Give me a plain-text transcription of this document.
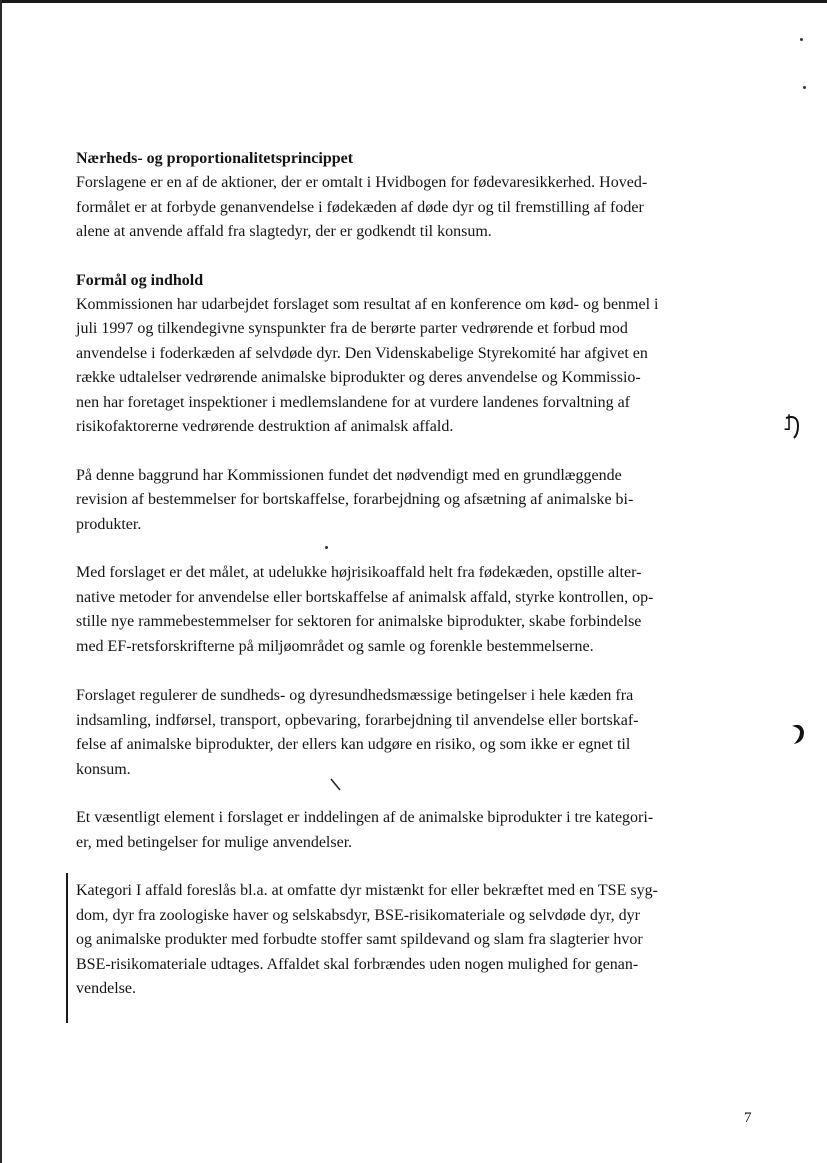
Nærheds- og proportionalitetsprincippet
Forslagene er en af de aktioner, der er omtalt i Hvidbogen for fødevaresikkerhed. Hoved-
formålet er at forbyde genanvendelse i fødekæden af døde dyr og til fremstilling af foder
alene at anvende affald fra slagtedyr, der er godkendt til konsum.
Formål og indhold
Kommissionen har udarbejdet forslaget som resultat af en konference om kød- og benmel i
juli 1997 og tilkendegivne synspunkter fra de berørte parter vedrørende et forbud mod
anvendelse i foderkæden af selvdøde dyr. Den Videnskabelige Styrekomité har afgivet en
række udtalelser vedrørende animalske biprodukter og deres anvendelse og Kommissio-
nen har foretaget inspektioner i medlemslandene for at vurdere landenes forvaltning af
risikofaktorerne vedrørende destruktion af animalsk affald.
På denne baggrund har Kommissionen fundet det nødvendigt med en grundlæggende
revision af bestemmelser for bortskaffelse, forarbejdning og afsætning af animalske bi-
produkter.
Med forslaget er det målet, at udelukke højrisikoaffald helt fra fødekæden, opstille alter-
native metoder for anvendelse eller bortskaffelse af animalsk affald, styrke kontrollen, op-
stille nye rammebestemmelser for sektoren for animalske biprodukter, skabe forbindelse
med EF-retsforskrifterne på miljøområdet og samle og forenkle bestemmelserne.
Forslaget regulerer de sundheds- og dyresundhedsmæssige betingelser i hele kæden fra
indsamling, indførsel, transport, opbevaring, forarbejdning til anvendelse eller bortskaf-
felse af animalske biprodukter, der ellers kan udgøre en risiko, og som ikke er egnet til
konsum.
Et væsentligt element i forslaget er inddelingen af de animalske biprodukter i tre kategori-
er, med betingelser for mulige anvendelser.
Kategori I affald foreslås bl.a. at omfatte dyr mistænkt for eller bekræftet med en TSE syg-
dom, dyr fra zoologiske haver og selskabsdyr, BSE-risikomateriale og selvdøde dyr, dyr
og animalske produkter med forbudte stoffer samt spildevand og slam fra slagterier hvor
BSE-risikomateriale udtages. Affaldet skal forbrændes uden nogen mulighed for genan-
vendelse.
˩
7
